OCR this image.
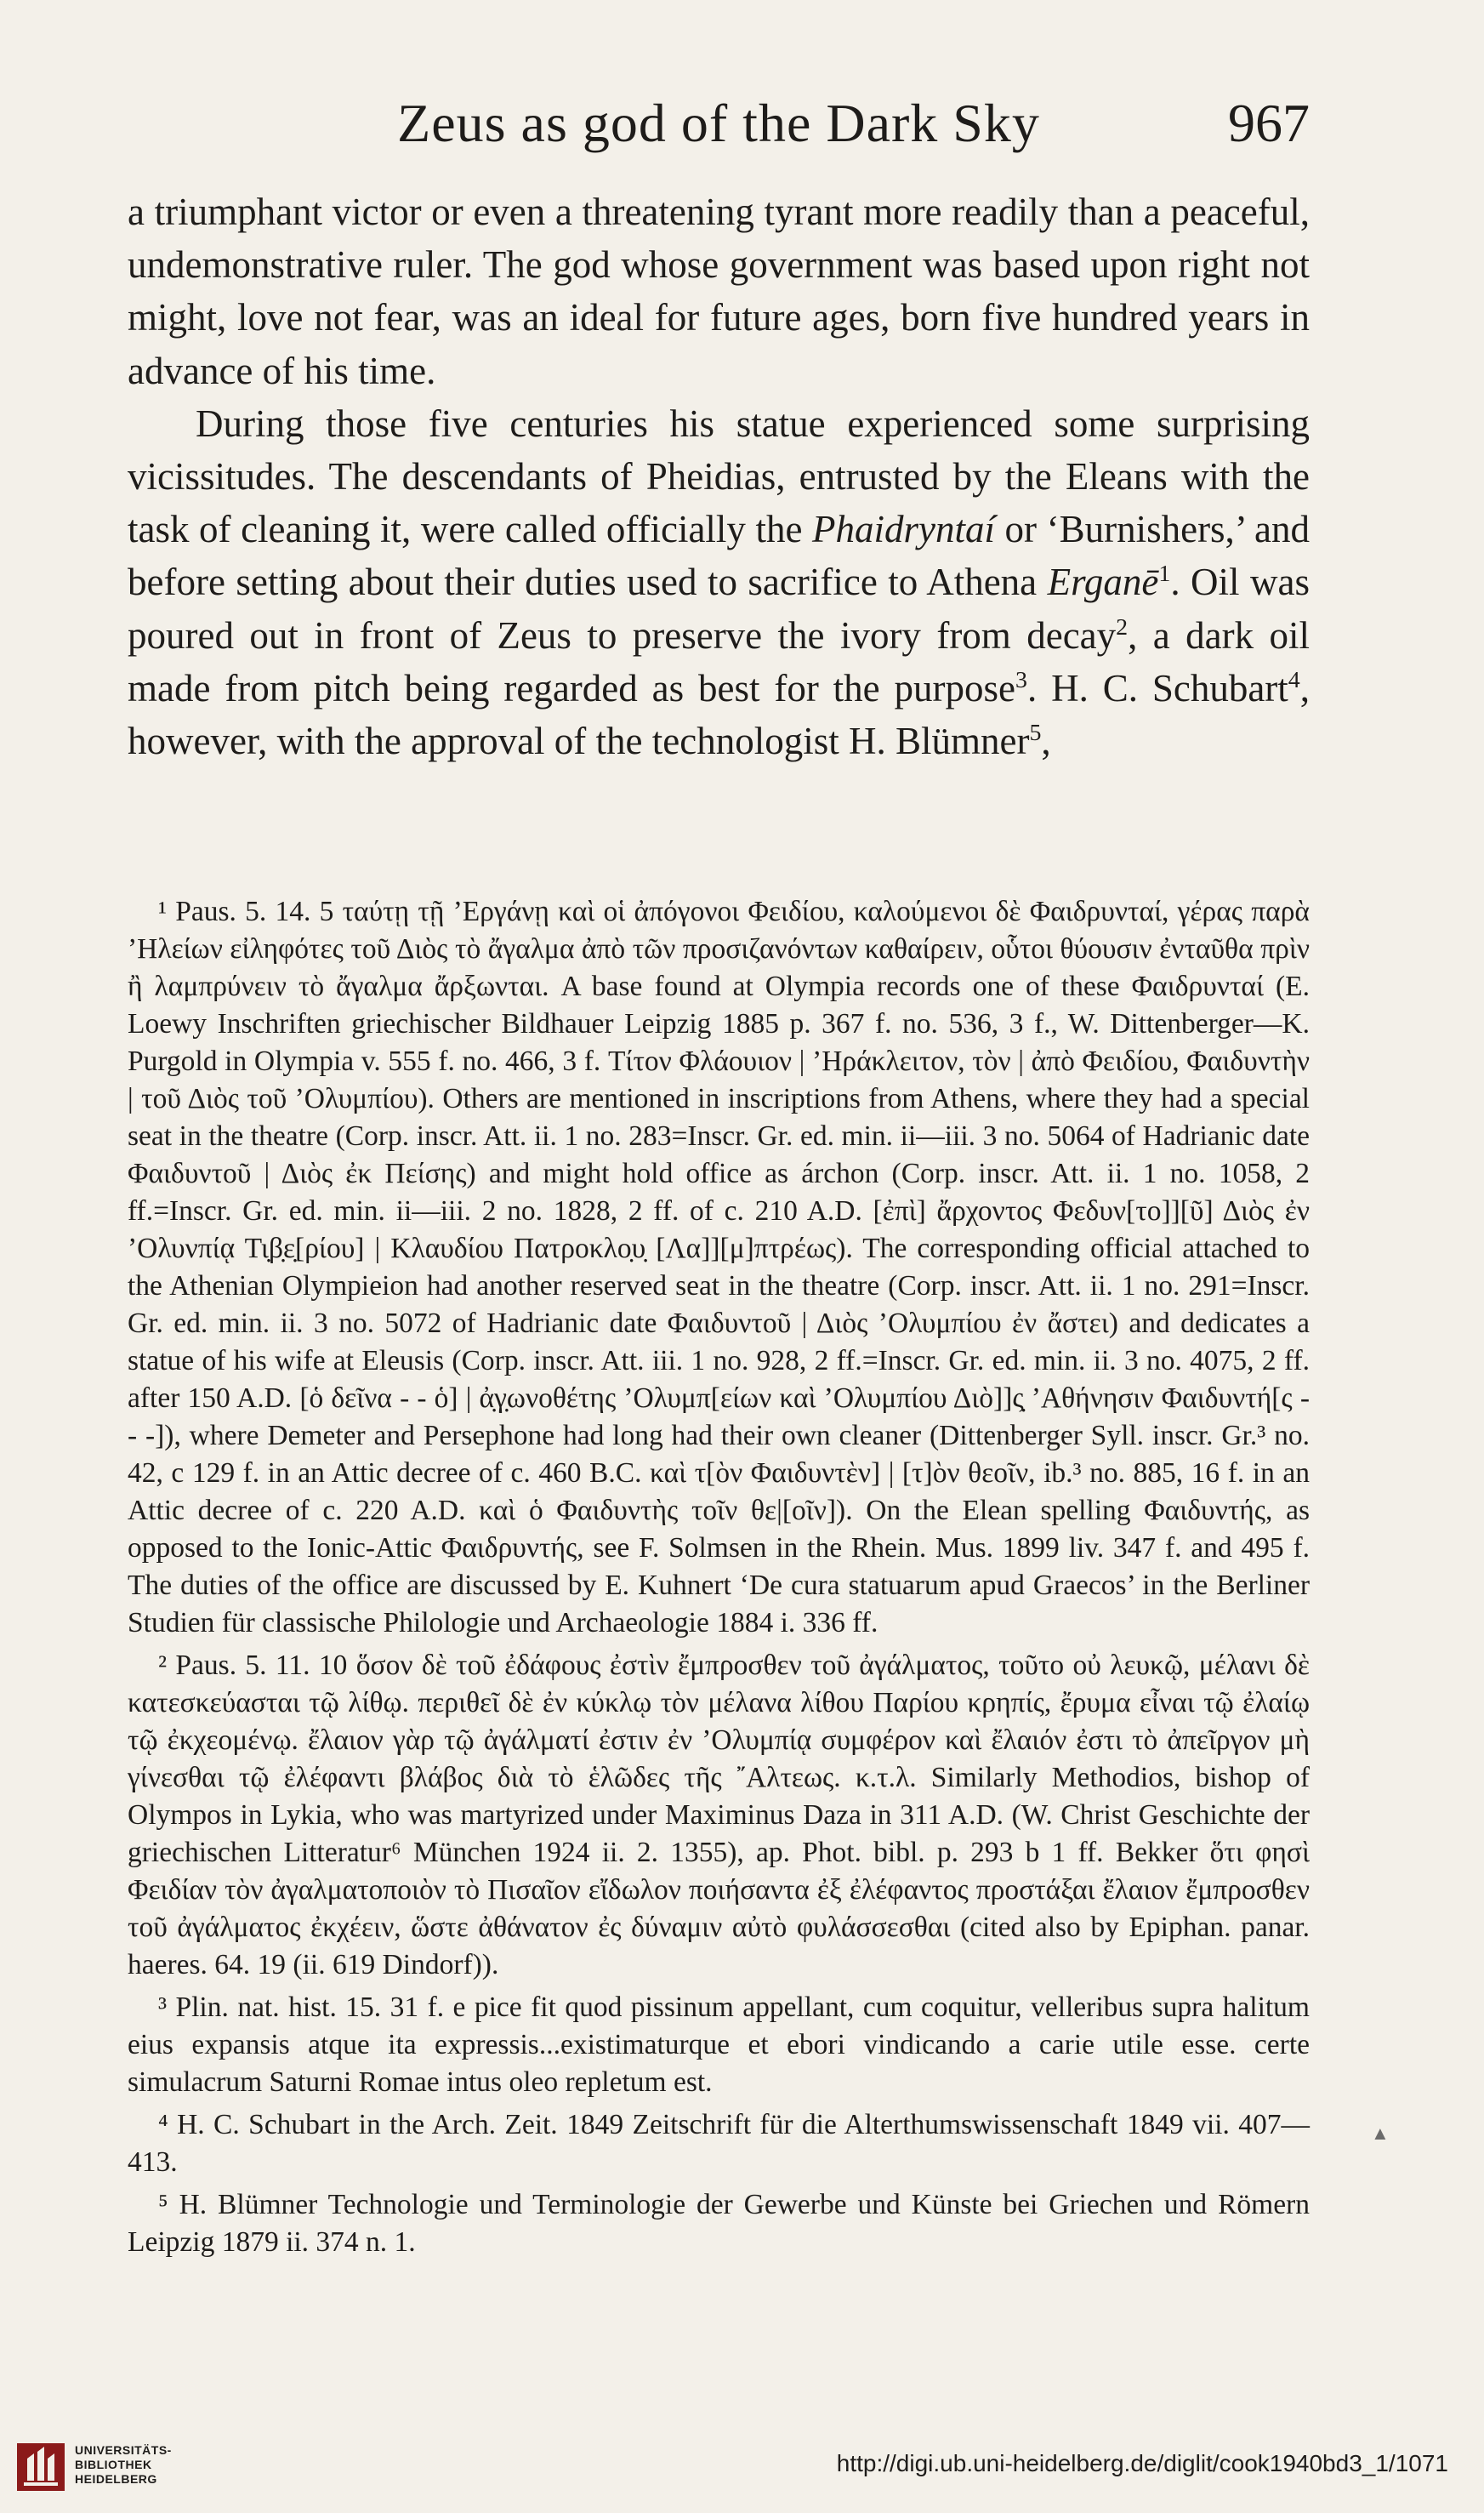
Zeus as god of the Dark Sky	967

a triumphant victor or even a threatening tyrant more readily than a peaceful, undemonstrative ruler. The god whose government was based upon right not might, love not fear, was an ideal for future ages, born five hundred years in advance of his time.

During those five centuries his statue experienced some surprising vicissitudes. The descendants of Pheidias, entrusted by the Eleans with the task of cleaning it, were called officially the Phaidryntaí or ‘Burnishers,’ and before setting about their duties used to sacrifice to Athena Erganē$^1$. Oil was poured out in front of Zeus to preserve the ivory from decay$^2$, a dark oil made from pitch being regarded as best for the purpose$^3$. H. C. Schubart$^4$, however, with the approval of the technologist H. Blümner$^5$,

¹ Paus. 5. 14. 5 ταύτῃ τῇ ’Εργάνῃ καὶ οἱ ἀπόγονοι Φειδίου, καλούμενοι δὲ Φαιδρυνταί, γέρας παρὰ ’Ηλείων εἰληφότες τοῦ Διὸς τὸ ἄγαλμα ἀπὸ τῶν προσιζανόντων καθαίρειν, οὗτοι θύουσιν ἐνταῦθα πρὶν ἢ λαμπρύνειν τὸ ἄγαλμα ἄρξωνται. A base found at Olympia records one of these Φαιδρυνταί (E. Loewy Inschriften griechischer Bildhauer Leipzig 1885 p. 367 f. no. 536, 3 f., W. Dittenberger—K. Purgold in Olympia v. 555 f. no. 466, 3 f. Τίτον Φλάουιον | ’Ηράκλειτον, τὸν | ἀπὸ Φειδίου, Φαιδυντὴν | τοῦ Διὸς τοῦ ’Ολυμπίου). Others are mentioned in inscriptions from Athens, where they had a special seat in the theatre (Corp. inscr. Att. ii. 1 no. 283=Inscr. Gr. ed. min. ii—iii. 3 no. 5064 of Hadrianic date Φαιδυντοῦ | Διὸς ἐκ Πείσης) and might hold office as árchon (Corp. inscr. Att. ii. 1 no. 1058, 2 ff.=Inscr. Gr. ed. min. ii—iii. 2 no. 1828, 2 ff. of c. 210 A.D. [ἐπὶ] ἄρχοντος Φεδυν[το]][ῦ] Διὸς ἐν ’Ολυνπίᾳ Τι̣β̣ε̣[ρίου] | Κλαυδίου Πατροκλο̣υ̣ [Λα]][μ]πτρέως). The corresponding official attached to the Athenian Olympieion had another reserved seat in the theatre (Corp. inscr. Att. ii. 1 no. 291=Inscr. Gr. ed. min. ii. 3 no. 5072 of Hadrianic date Φαιδυντοῦ | Διὸς ’Ολυμπίου ἐν ἄστει) and dedicates a statue of his wife at Eleusis (Corp. inscr. Att. iii. 1 no. 928, 2 ff.=Inscr. Gr. ed. min. ii. 3 no. 4075, 2 ff. after 150 A.D. [ὁ δεῖνα - - ὁ] | ἀ̣γ̣ωνοθέτης ’Ολυμπ[είων καὶ ’Ολυμπίου Διὸ]]ς̣ ’Αθήνησιν Φαιδυντή[ς - - -]), where Demeter and Persephone had long had their own cleaner (Dittenberger Syll. inscr. Gr.³ no. 42, c 129 f. in an Attic decree of c. 460 B.C. καὶ τ[ὸν Φαιδυντὲν] | [τ]ὸν θεοῖν, ib.³ no. 885, 16 f. in an Attic decree of c. 220 A.D. καὶ ὁ Φαιδυντὴς τοῖν θε|[οῖν]). On the Elean spelling Φαιδυντής, as opposed to the Ionic-Attic Φαιδρυντής, see F. Solmsen in the Rhein. Mus. 1899 liv. 347 f. and 495 f. The duties of the office are discussed by E. Kuhnert ‘De cura statuarum apud Graecos’ in the Berliner Studien für classische Philologie und Archaeologie 1884 i. 336 ff.

² Paus. 5. 11. 10 ὅσον δὲ τοῦ ἐδάφους ἐστὶν ἔμπροσθεν τοῦ ἀγάλματος, τοῦτο οὐ λευκῷ, μέλανι δὲ κατεσκεύασται τῷ λίθῳ. περιθεῖ δὲ ἐν κύκλῳ τὸν μέλανα λίθου Παρίου κρηπίς, ἔρυμα εἶναι τῷ ἐλαίῳ τῷ ἐκχεομένῳ. ἔλαιον γὰρ τῷ ἀγάλματί ἐστιν ἐν ’Ολυμπίᾳ συμφέρον καὶ ἔλαιόν ἐστι τὸ ἀπεῖργον μὴ γίνεσθαι τῷ ἐλέφαντι βλάβος διὰ τὸ ἑλῶδες τῆς ῎Αλτεως. κ.τ.λ. Similarly Methodios, bishop of Olympos in Lykia, who was martyrized under Maximinus Daza in 311 A.D. (W. Christ Geschichte der griechischen Litteratur⁶ München 1924 ii. 2. 1355), ap. Phot. bibl. p. 293 b 1 ff. Bekker ὅτι φησὶ Φειδίαν τὸν ἀγαλματοποιὸν τὸ Πισαῖον εἴδωλον ποιήσαντα ἐξ ἐλέφαντος προστάξαι ἔλαιον ἔμπροσθεν τοῦ ἀγάλματος ἐκχέειν, ὥστε ἀθάνατον ἐς δύναμιν αὐτὸ φυλάσσεσθαι (cited also by Epiphan. panar. haeres. 64. 19 (ii. 619 Dindorf)).

³ Plin. nat. hist. 15. 31 f. e pice fit quod pissinum appellant, cum coquitur, velleribus supra halitum eius expansis atque ita expressis...existimaturque et ebori vindicando a carie utile esse. certe simulacrum Saturni Romae intus oleo repletum est.

⁴ H. C. Schubart in the Arch. Zeit. 1849 Zeitschrift für die Alterthumswissenschaft 1849 vii. 407—413.

⁵ H. Blümner Technologie und Terminologie der Gewerbe und Künste bei Griechen und Römern Leipzig 1879 ii. 374 n. 1.

▲
UNIVERSITÄTS-
BIBLIOTHEK
HEIDELBERG
http://digi.ub.uni-heidelberg.de/diglit/cook1940bd3_1/1071
